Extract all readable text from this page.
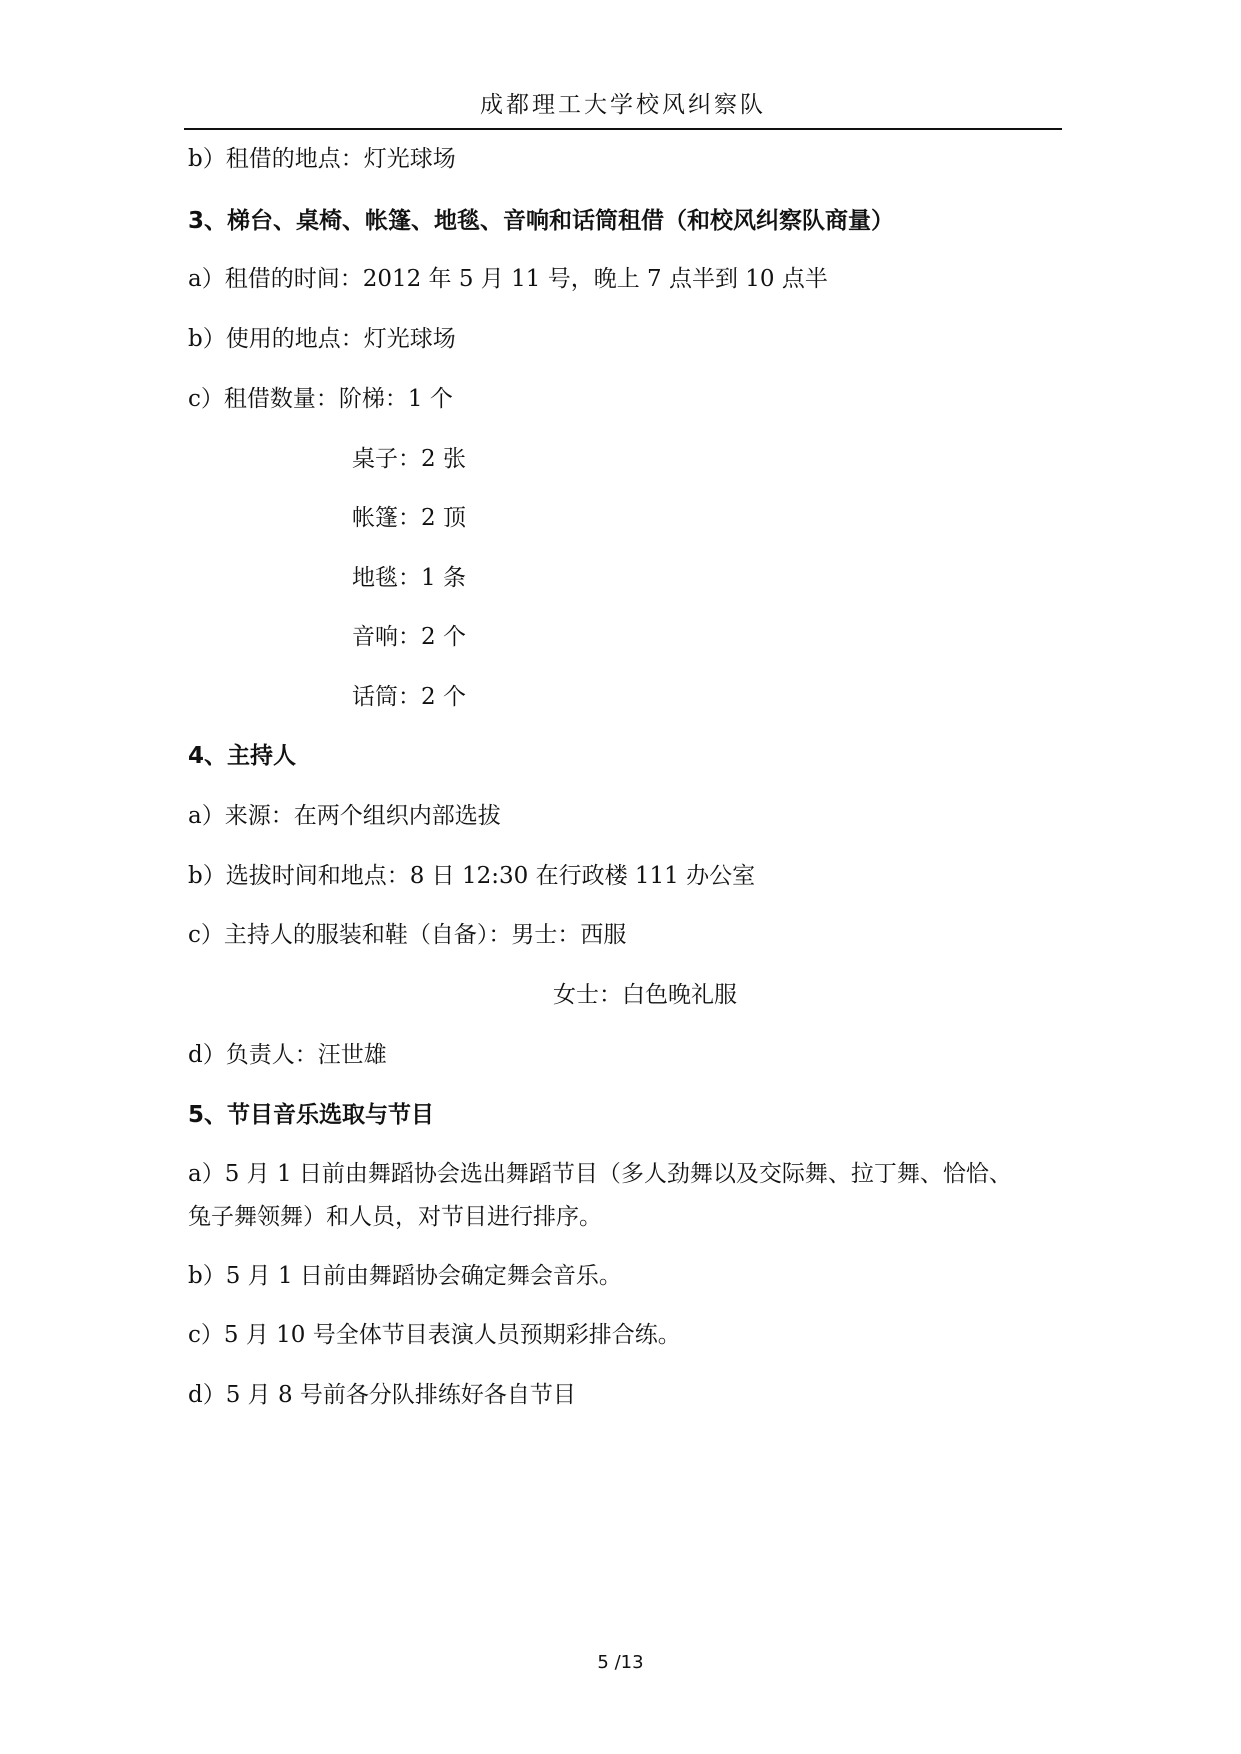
成都理工大学校风纠察队
b）租借的地点：灯光球场
3、梯台、桌椅、帐篷、地毯、音响和话筒租借（和校风纠察队商量）
a）租借的时间：2012 年 5 月 11 号，晚上 7 点半到 10 点半
b）使用的地点：灯光球场
c）租借数量：阶梯：1 个
桌子：2 张
帐篷：2 顶
地毯：1 条
音响：2 个
话筒：2 个
4、主持人
a）来源：在两个组织内部选拔
b）选拔时间和地点：8 日 12:30 在行政楼 111 办公室
c）主持人的服装和鞋（自备）：男士：西服
女士：白色晚礼服
d）负责人：汪世雄
5、节目音乐选取与节目
a）5 月 1 日前由舞蹈协会选出舞蹈节目（多人劲舞以及交际舞、拉丁舞、恰恰、
兔子舞领舞）和人员，对节目进行排序。
b）5 月 1 日前由舞蹈协会确定舞会音乐。
c）5 月 10 号全体节目表演人员预期彩排合练。
d）5 月 8 号前各分队排练好各自节目
5 /13
